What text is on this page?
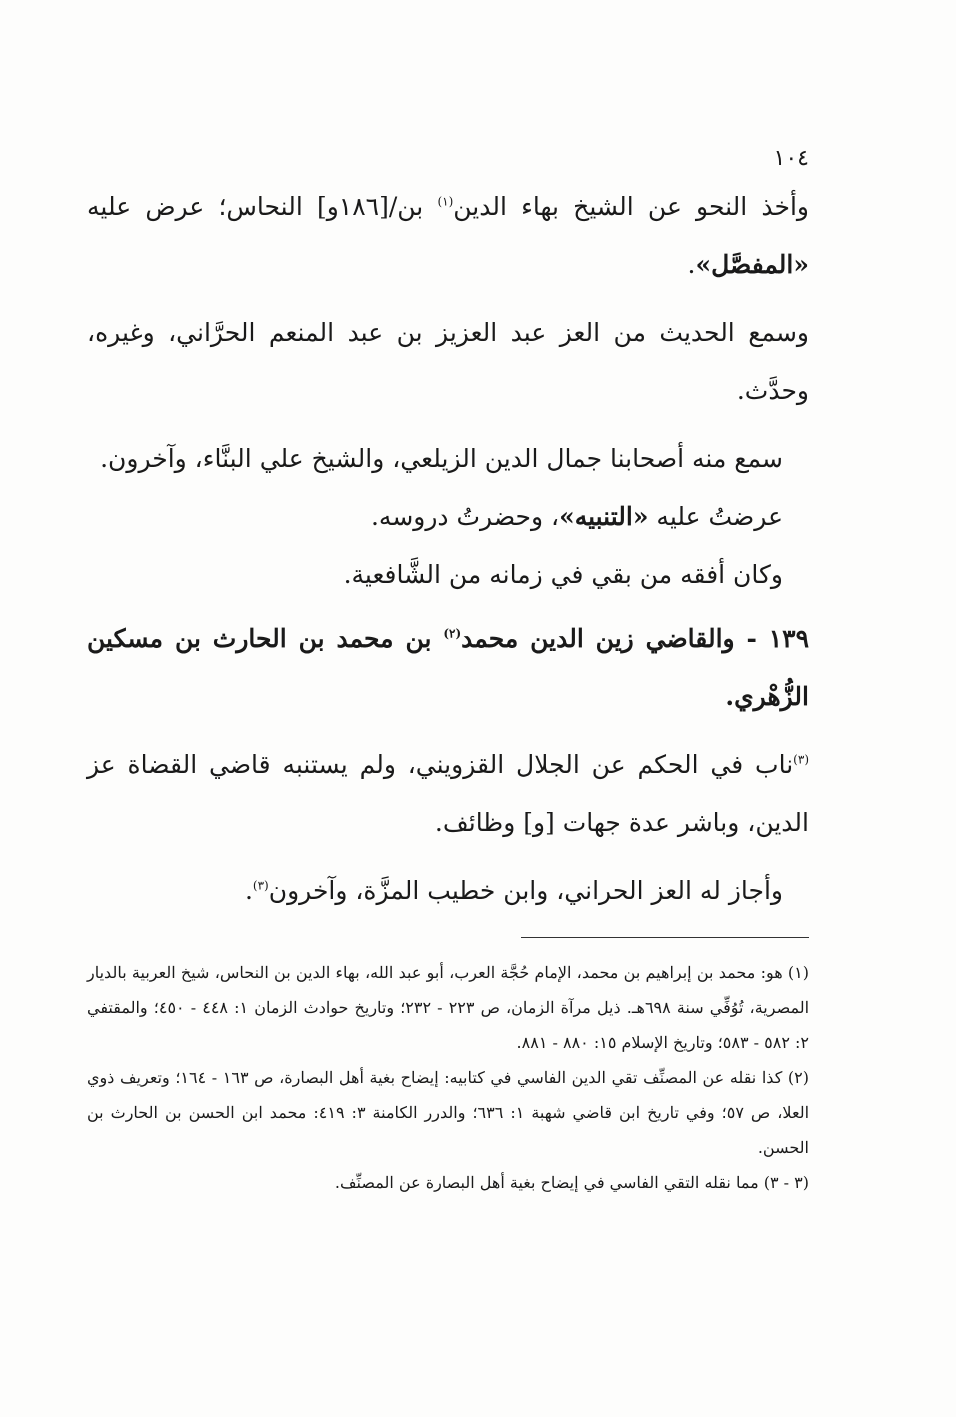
١٠٤

وأخذ النحو عن الشيخ بهاء الدين$^{(١)}$ بن/[١٨٦و] النحاس؛ عرض عليه «المفصَّل».

وسمع الحديث من العز عبد العزيز بن عبد المنعم الحرَّاني، وغيره، وحدَّث.

سمع منه أصحابنا جمال الدين الزيلعي، والشيخ علي البنَّاء، وآخرون.

عرضتُ عليه «التنبيه»، وحضرتُ دروسه.

وكان أفقه من بقي في زمانه من الشَّافعية.

١٣٩ - والقاضي زين الدين محمد$^{(٢)}$ بن محمد بن الحارث بن مسكين الزُّهْري.

$^{(٣)}$ناب في الحكم عن الجلال القزويني، ولم يستنبه قاضي القضاة عز الدين، وباشر عدة جهات [و] وظائف.

وأجاز له العز الحراني، وابن خطيب المزَّة، وآخرون$^{(٣)}$.

(١) هو: محمد بن إبراهيم بن محمد، الإمام حُجَّة العرب، أبو عبد الله، بهاء الدين بن النحاس، شيخ العربية بالديار المصرية، تُوُفِّي سنة ٦٩٨هـ. ذيل مرآة الزمان، ص ٢٢٣ - ٢٣٢؛ وتاريخ حوادث الزمان ١: ٤٤٨ - ٤٥٠؛ والمقتفي ٢: ٥٨٢ - ٥٨٣؛ وتاريخ الإسلام ١٥: ٨٨٠ - ٨٨١.

(٢) كذا نقله عن المصنِّف تقي الدين الفاسي في كتابيه: إيضاح بغية أهل البصارة، ص ١٦٣ - ١٦٤؛ وتعريف ذوي العلا، ص ٥٧؛ وفي تاريخ ابن قاضي شهبة ١: ٦٣٦؛ والدرر الكامنة ٣: ٤١٩: محمد ابن الحسن بن الحارث بن الحسن.

(٣ - ٣) مما نقله التقي الفاسي في إيضاح بغية أهل البصارة عن المصنِّف.
